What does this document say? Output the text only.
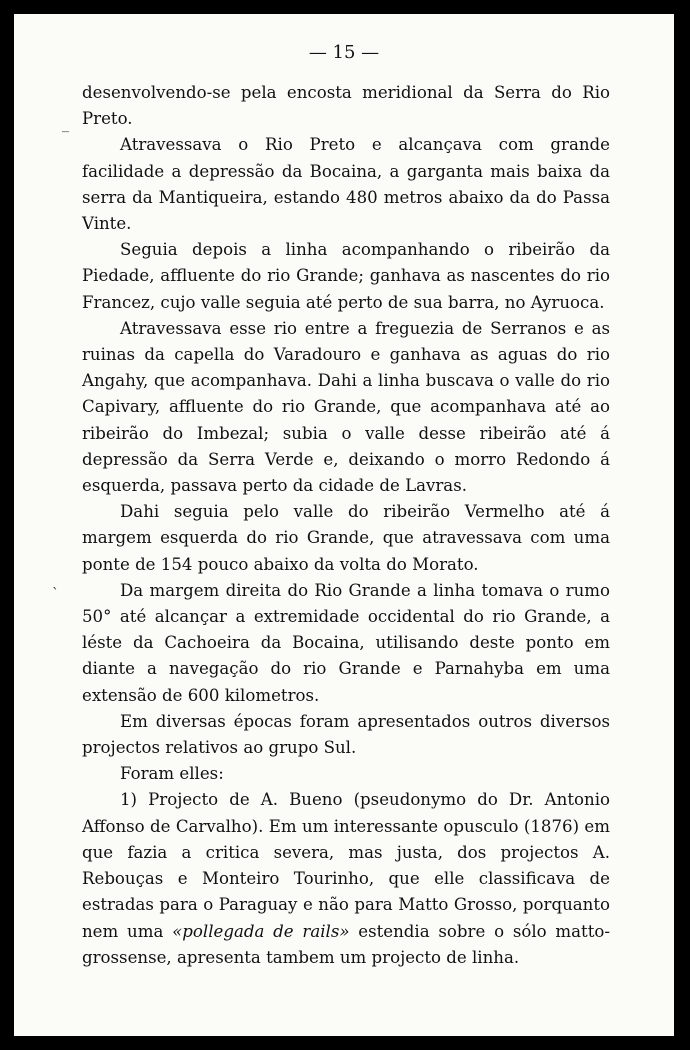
— 15 —
_
`

desenvolvendo-se pela encosta meridional da Serra do Rio Preto.

Atravessava o Rio Preto e alcançava com grande facilidade a depressão da Bocaina, a garganta mais baixa da serra da Mantiqueira, estando 480 metros abaixo da do Passa Vinte.

Seguia depois a linha acompanhando o ribeirão da Piedade, affluente do rio Grande; ganhava as nascentes do rio Francez, cujo valle seguia até perto de sua barra, no Ayruoca.

Atravessava esse rio entre a freguezia de Serranos e as ruinas da capella do Varadouro e ganhava as aguas do rio Angahy, que acompanhava. Dahi a linha buscava o valle do rio Capivary, affluente do rio Grande, que acompanhava até ao ribeirão do Imbezal; subia o valle desse ribeirão até á depressão da Serra Verde e, deixando o morro Redondo á esquerda, passava perto da cidade de Lavras.

Dahi seguia pelo valle do ribeirão Vermelho até á margem esquerda do rio Grande, que atravessava com uma ponte de 154 pouco abaixo da volta do Morato.

Da margem direita do Rio Grande a linha tomava o rumo 50° até alcançar a extremidade occidental do rio Grande, a léste da Cachoeira da Bocaina, utilisando deste ponto em diante a navegação do rio Grande e Parnahyba em uma extensão de 600 kilometros.

Em diversas épocas foram apresentados outros diversos projectos relativos ao grupo Sul.

Foram elles:

1) Projecto de A. Bueno (pseudonymo do Dr. Antonio Affonso de Carvalho). Em um interessante opusculo (1876) em que fazia a critica severa, mas justa, dos projectos A. Rebouças e Monteiro Tourinho, que elle classificava de estradas para o Paraguay e não para Matto Grosso, porquanto nem uma «pollegada de rails» estendia sobre o sólo matto-grossense, apresenta tambem um projecto de linha.
